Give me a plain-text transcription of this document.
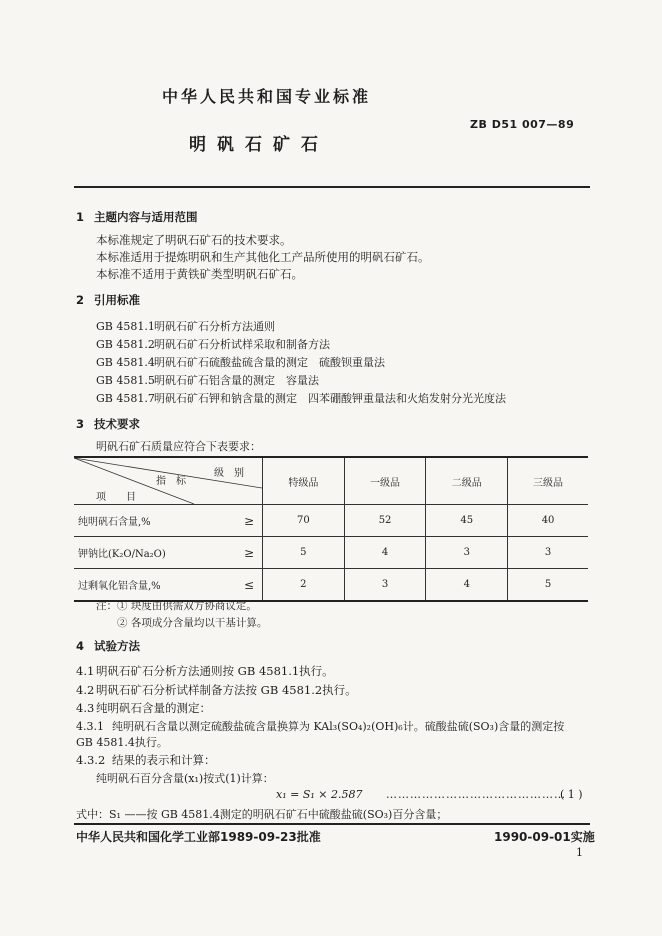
中华人民共和国专业标准
ZB D51 007—89
明矾石矿石
1 主题内容与适用范围
本标准规定了明矾石矿石的技术要求。
本标准适用于提炼明矾和生产其他化工产品所使用的明矾石矿石。
本标准不适用于黄铁矿类型明矾石矿石。
2 引用标准
GB 4581.1明矾石矿石分析方法通则
GB 4581.2明矾石矿石分析试样采取和制备方法
GB 4581.4明矾石矿石硫酸盐硫含量的测定　硫酸钡重量法
GB 4581.5明矾石矿石铝含量的测定　容量法
GB 4581.7明矾石矿石钾和钠含量的测定　四苯硼酸钾重量法和火焰发射分光光度法
3 技术要求
明矾石矿石质量应符合下表要求：
级　别
指　标
项　　目		特级品	一级品	二级品	三级品
纯明矾石含量,%	≥	70	52	45	40
钾钠比(K₂O/Na₂O)	≥	5	4	3	3
过剩氧化铝含量,%	≤	2	3	4	5
注：① 块度由供需双方协商议定。
② 各项成分含量均以干基计算。
4 试验方法
4.1 明矾石矿石分析方法通则按 GB 4581.1执行。
4.2 明矾石矿石分析试样制备方法按 GB 4581.2执行。
4.3 纯明矾石含量的测定：
4.3.1 纯明矾石含量以测定硫酸盐硫含量换算为 KAl₃(SO₄)₂(OH)₆计。硫酸盐硫(SO₃)含量的测定按
GB 4581.4执行。
4.3.2 结果的表示和计算：
纯明矾石百分含量(x₁)按式(1)计算：
x₁ = S₁ × 2.587 ………………………………………
( 1 )
式中：S₁ ——按 GB 4581.4测定的明矾石矿石中硫酸盐硫(SO₃)百分含量；
中华人民共和国化学工业部1989-09-23批准	1990-09-01实施
1
